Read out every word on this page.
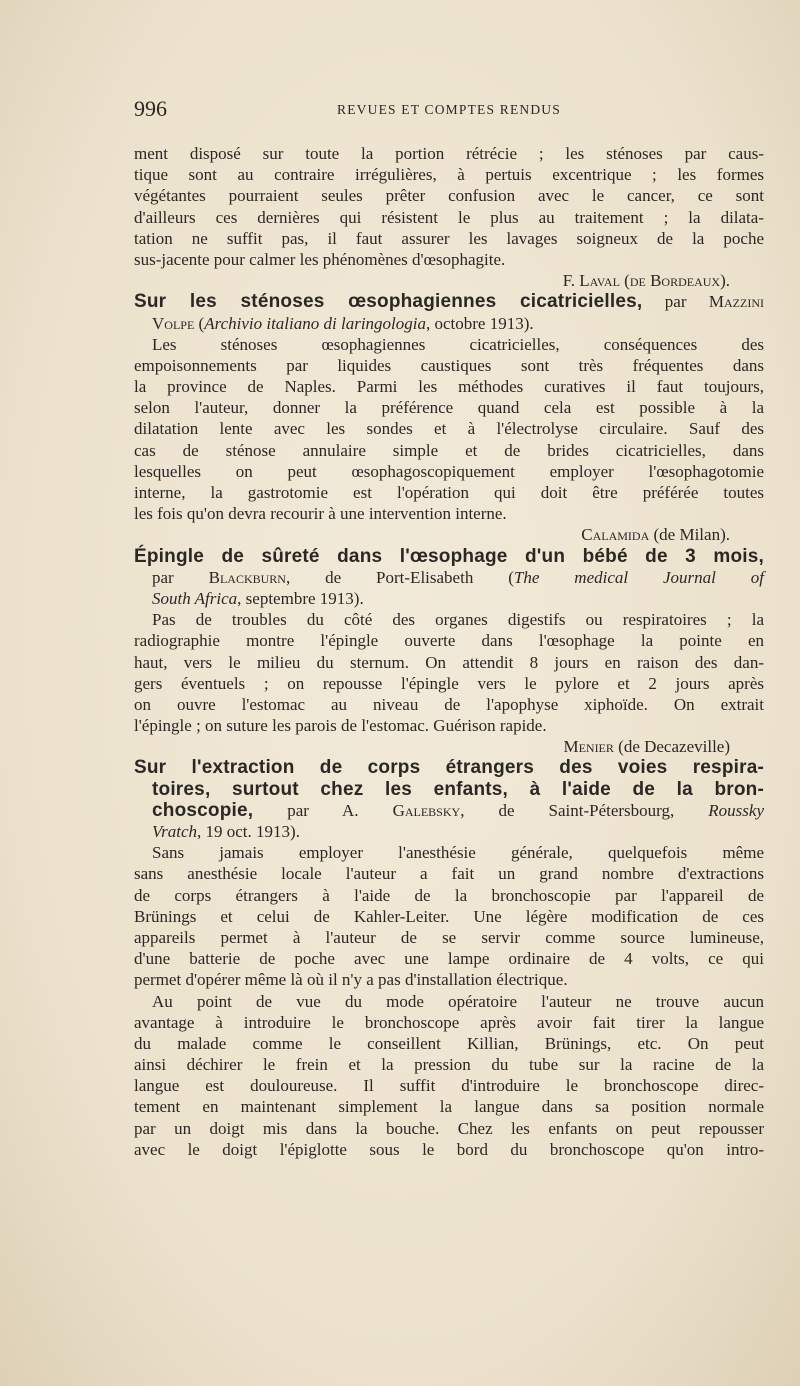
996	REVUES ET COMPTES RENDUS
ment disposé sur toute la portion rétrécie ; les sténoses par caus-
tique sont au contraire irrégulières, à pertuis excentrique ; les formes
végétantes pourraient seules prêter confusion avec le cancer, ce sont
d'ailleurs ces dernières qui résistent le plus au traitement ; la dilata-
tation ne suffit pas, il faut assurer les lavages soigneux de la poche
sus-jacente pour calmer les phénomènes d'œsophagite.
F. Laval (de Bordeaux).  
Sur les sténoses œsophagiennes cicatricielles, par Mazzini
Volpe (Archivio italiano di laringologia, octobre 1913).
Les sténoses œsophagiennes cicatricielles, conséquences des
empoisonnements par liquides caustiques sont très fréquentes dans
la province de Naples. Parmi les méthodes curatives il faut toujours,
selon l'auteur, donner la préférence quand cela est possible à la
dilatation lente avec les sondes et à l'électrolyse circulaire. Sauf des
cas de sténose annulaire simple et de brides cicatricielles, dans
lesquelles on peut œsophagoscopiquement employer l'œsophagotomie
interne, la gastrotomie est l'opération qui doit être préférée toutes
les fois qu'on devra recourir à une intervention interne.
Calamida (de Milan).  
Épingle de sûreté dans l'œsophage d'un bébé de 3 mois,
par Blackburn, de Port-Elisabeth (The medical Journal of
South Africa, septembre 1913).
Pas de troubles du côté des organes digestifs ou respiratoires ; la
radiographie montre l'épingle ouverte dans l'œsophage la pointe en
haut, vers le milieu du sternum. On attendit 8 jours en raison des dan-
gers éventuels ; on repousse l'épingle vers le pylore et 2 jours après
on ouvre l'estomac au niveau de l'apophyse xiphoïde. On extrait
l'épingle ; on suture les parois de l'estomac. Guérison rapide.
Menier (de Decazeville)  
Sur l'extraction de corps étrangers des voies respira-
toires, surtout chez les enfants, à l'aide de la bron-
choscopie, par A. Galebsky, de Saint-Pétersbourg, Roussky
Vratch, 19 oct. 1913).
Sans jamais employer l'anesthésie générale, quelquefois même
sans anesthésie locale l'auteur a fait un grand nombre d'extractions
de corps étrangers à l'aide de la bronchoscopie par l'appareil de
Brünings et celui de Kahler-Leiter. Une légère modification de ces
appareils permet à l'auteur de se servir comme source lumineuse,
d'une batterie de poche avec une lampe ordinaire de 4 volts, ce qui
permet d'opérer même là où il n'y a pas d'installation électrique.
Au point de vue du mode opératoire l'auteur ne trouve aucun
avantage à introduire le bronchoscope après avoir fait tirer la langue
du malade comme le conseillent Killian, Brünings, etc. On peut
ainsi déchirer le frein et la pression du tube sur la racine de la
langue est douloureuse. Il suffit d'introduire le bronchoscope direc-
tement en maintenant simplement la langue dans sa position normale
par un doigt mis dans la bouche. Chez les enfants on peut repousser
avec le doigt l'épiglotte sous le bord du bronchoscope qu'on intro-
